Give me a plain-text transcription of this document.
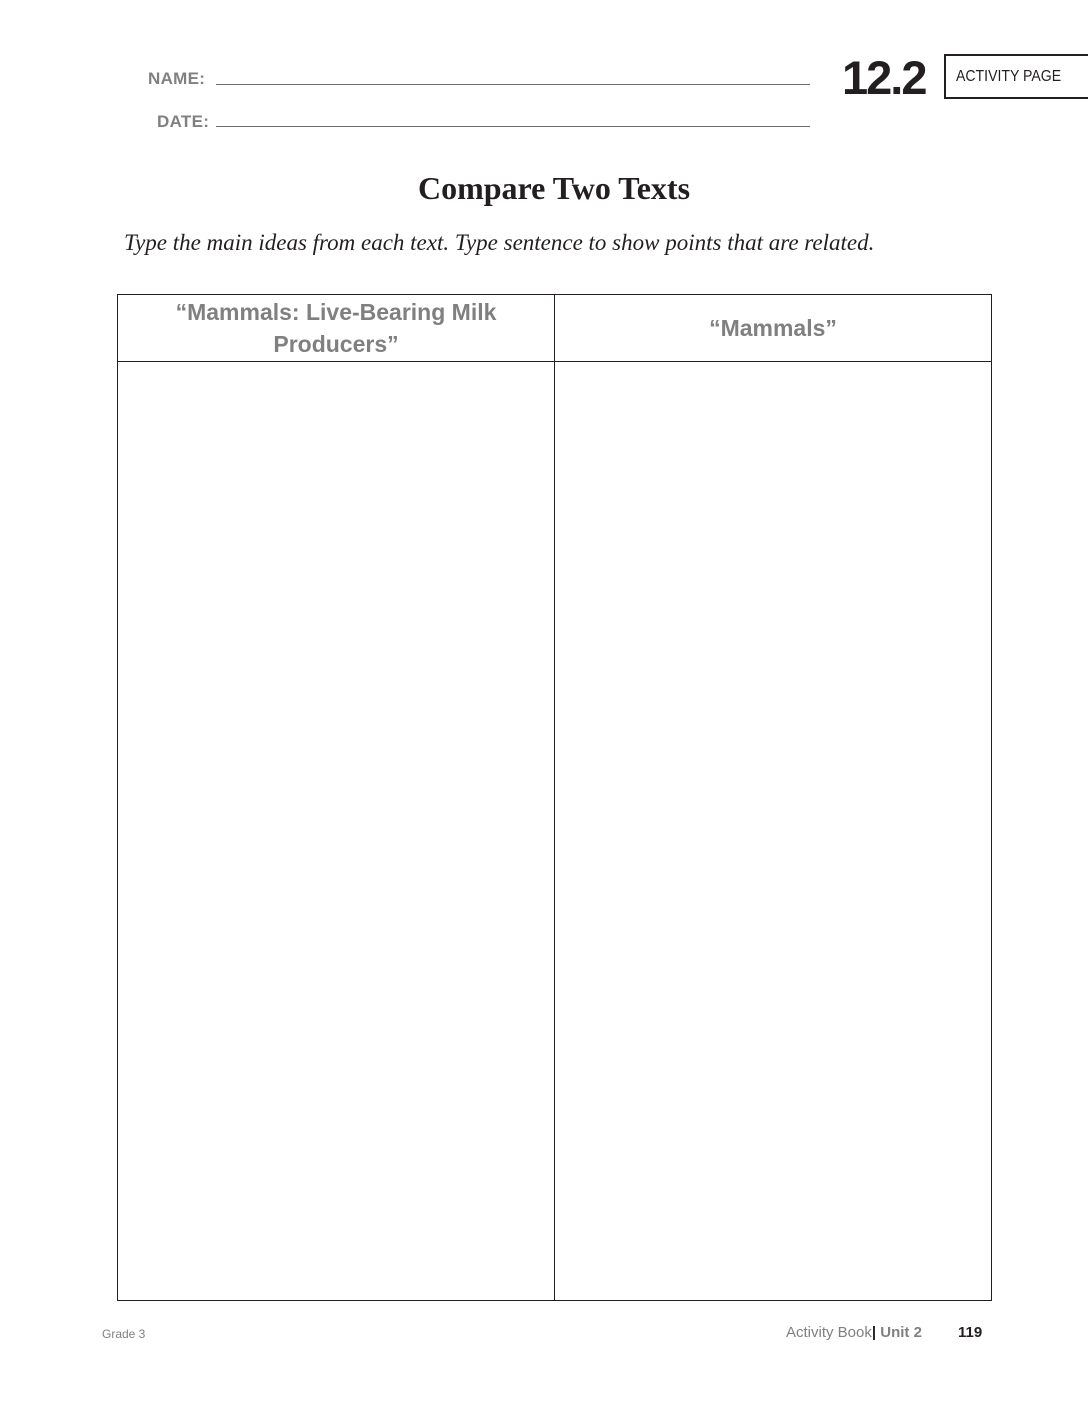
NAME:
DATE:
12.2 ACTIVITY PAGE
Compare Two Texts
Type the main ideas from each text. Type sentence to show points that are related.
“Mammals: Live-Bearing Milk Producers”
“Mammals”
Grade 3	Activity Book| Unit 2 119
